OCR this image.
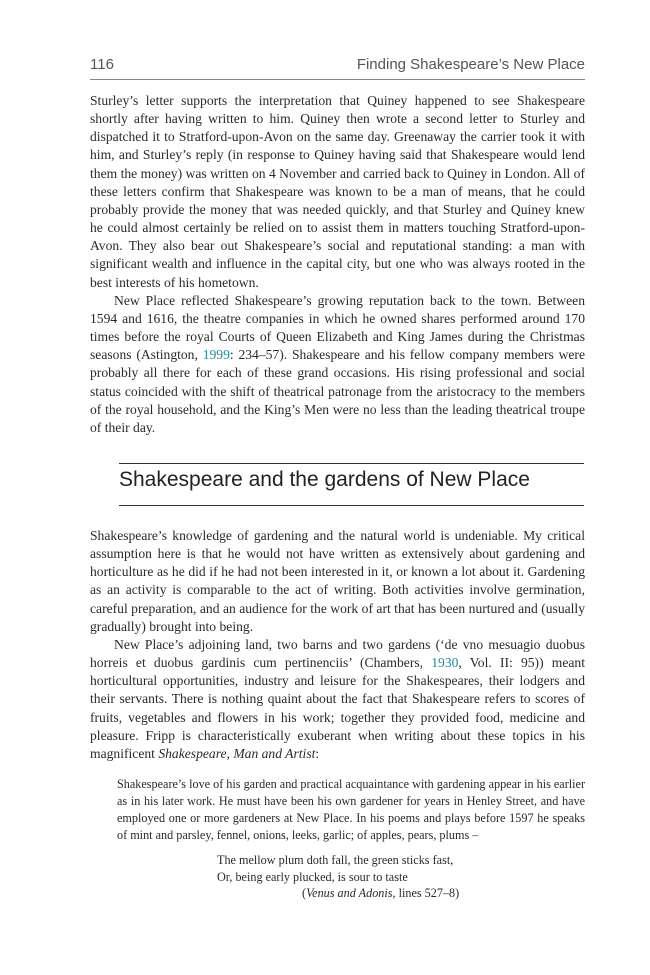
116	Finding Shakespeare’s New Place

Sturley’s letter supports the interpretation that Quiney happened to see Shakespeare shortly after having written to him. Quiney then wrote a second letter to Sturley and dispatched it to Stratford-upon-Avon on the same day. Greenaway the carrier took it with him, and Sturley’s reply (in response to Quiney having said that Shakespeare would lend them the money) was written on 4 November and carried back to Quiney in London. All of these letters confirm that Shakespeare was known to be a man of means, that he could probably provide the money that was needed quickly, and that Sturley and Quiney knew he could almost certainly be relied on to assist them in matters touching Stratford-upon-Avon. They also bear out Shakespeare’s social and reputational standing: a man with significant wealth and influence in the capital city, but one who was always rooted in the best interests of his hometown.

New Place reflected Shakespeare’s growing reputation back to the town. Between 1594 and 1616, the theatre companies in which he owned shares performed around 170 times before the royal Courts of Queen Elizabeth and King James during the Christmas seasons (Astington, 1999: 234–57). Shakespeare and his fellow company members were probably all there for each of these grand occasions. His rising professional and social status coincided with the shift of theatrical patronage from the aristocracy to the members of the royal household, and the King’s Men were no less than the leading theatrical troupe of their day.

Shakespeare and the gardens of New Place

Shakespeare’s knowledge of gardening and the natural world is undeniable. My critical assumption here is that he would not have written as extensively about gardening and horticulture as he did if he had not been interested in it, or known a lot about it. Gardening as an activity is comparable to the act of writing. Both activities involve germination, careful preparation, and an audience for the work of art that has been nurtured and (usually gradually) brought into being.

New Place’s adjoining land, two barns and two gardens (‘de vno mesuagio duobus horreis et duobus gardinis cum pertinenciis’ (Chambers, 1930, Vol. II: 95)) meant horticultural opportunities, industry and leisure for the Shakespeares, their lodgers and their servants. There is nothing quaint about the fact that Shakespeare refers to scores of fruits, vegetables and flowers in his work; together they provided food, medicine and pleasure. Fripp is characteristically exuberant when writing about these topics in his magnificent Shakespeare, Man and Artist:

Shakespeare’s love of his garden and practical acquaintance with gardening appear in his earlier as in his later work. He must have been his own gardener for years in Henley Street, and have employed one or more gardeners at New Place. In his poems and plays before 1597 he speaks of mint and parsley, fennel, onions, leeks, garlic; of apples, pears, plums –

The mellow plum doth fall, the green sticks fast,
Or, being early plucked, is sour to taste
(Venus and Adonis, lines 527–8)
